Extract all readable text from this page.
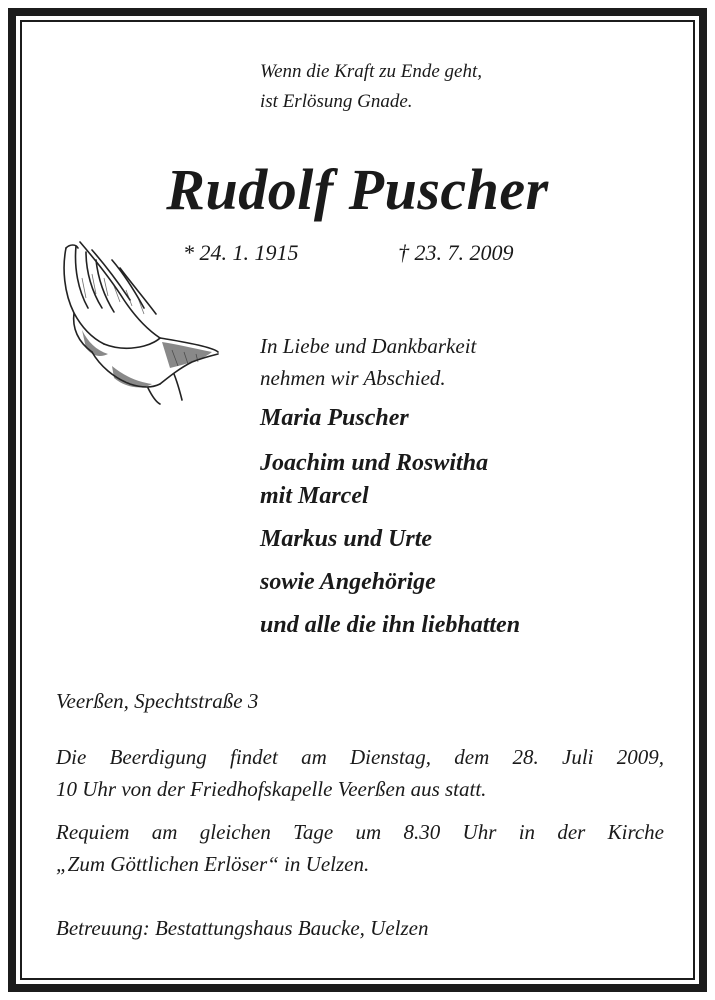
Wenn die Kraft zu Ende geht,
ist Erlösung Gnade.
Rudolf Puscher
* 24. 1. 1915	† 23. 7. 2009
In Liebe und Dankbarkeit
nehmen wir Abschied.
Maria Puscher
Joachim und Roswitha
mit Marcel
Markus und Urte
sowie Angehörige
und alle die ihn liebhatten
Veerßen, Spechtstraße 3
Die Beerdigung findet am Dienstag, dem 28. Juli 2009,
10 Uhr von der Friedhofskapelle Veerßen aus statt.
Requiem am gleichen Tage um 8.30 Uhr in der Kirche
„Zum Göttlichen Erlöser“ in Uelzen.
Betreuung: Bestattungshaus Baucke, Uelzen
